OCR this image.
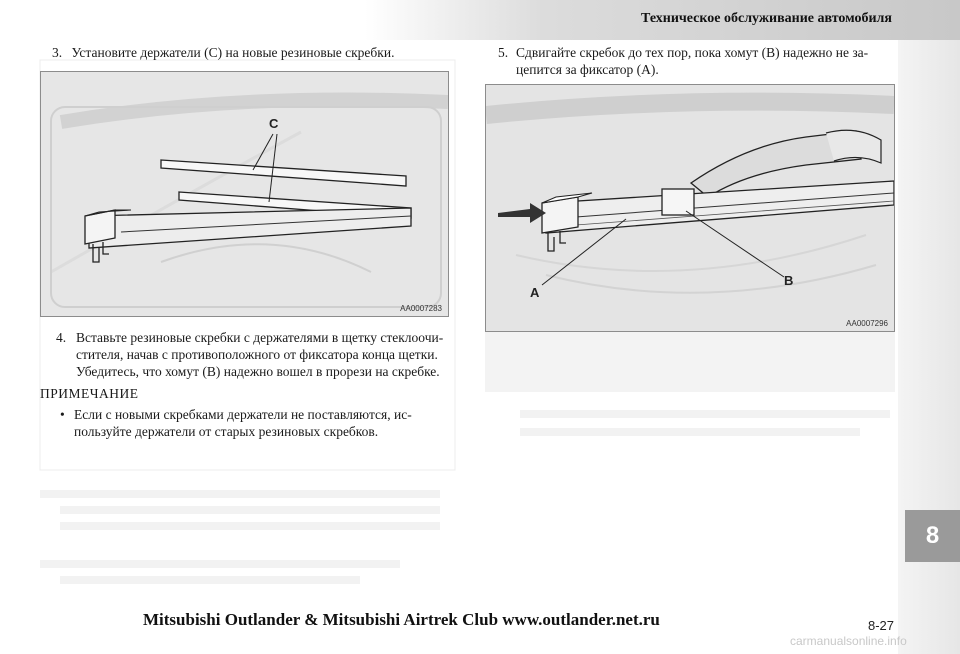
Техническое обслуживание автомобиля
8
3. Установите держатели (C) на новые резиновые скребки.
C
AA0007283
4. Вставьте резиновые скребки с держателями в щетку стеклоочи-
стителя, начав с противоположного от фиксатора конца щетки.
Убедитесь, что хомут (B) надежно вошел в прорези на скребке.
ПРИМЕЧАНИЕ
• Если с новыми скребками держатели не поставляются, ис-
пользуйте держатели от старых резиновых скребков.
5. Сдвигайте скребок до тех пор, пока хомут (B) надежно не за-
цепится за фиксатор (A).
A
B
AA0007296
Mitsubishi Outlander & Mitsubishi Airtrek Club www.outlander.net.ru	8-27
carmanualsonline.info
